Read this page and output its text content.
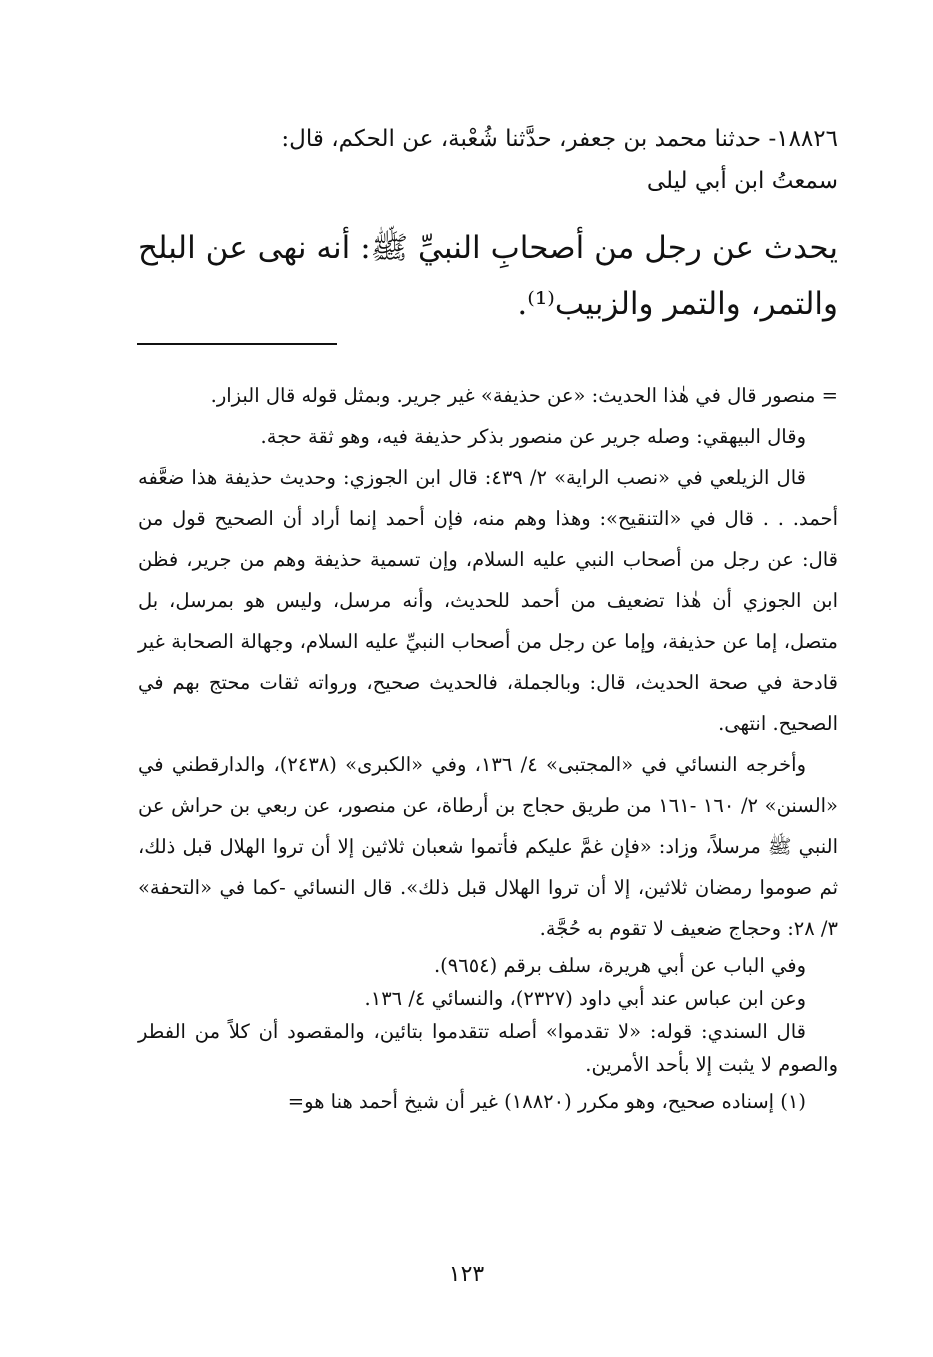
١٨٨٢٦- حدثنا محمد بن جعفر، حدَّثنا شُعْبة، عن الحكم، قال:
سمعتُ ابن أبي ليلى
يحدث عن رجل من أصحابِ النبيِّ ﷺ: أنه نهى عن البلح والتمر، والتمر والزبيب⁽¹⁾.

= منصور قال في هٰذا الحديث: «عن حذيفة» غير جرير. وبمثل قوله قال البزار.

وقال البيهقي: وصله جرير عن منصور بذكر حذيفة فيه، وهو ثقة حجة.

قال الزيلعي في «نصب الراية» ٢/ ٤٣٩: قال ابن الجوزي: وحديث حذيفة هذا ضعَّفه أحمد. . . قال في «التنقيح»: وهذا وهم منه، فإن أحمد إنما أراد أن الصحيح قول من قال: عن رجل من أصحاب النبي عليه السلام، وإن تسمية حذيفة وهم من جرير، فظن ابن الجوزي أن هٰذا تضعيف من أحمد للحديث، وأنه مرسل، وليس هو بمرسل، بل متصل، إما عن حذيفة، وإما عن رجل من أصحاب النبيِّ عليه السلام، وجهالة الصحابة غير قادحة في صحة الحديث، قال: وبالجملة، فالحديث صحيح، ورواته ثقات محتج بهم في الصحيح. انتهى.

وأخرجه النسائي في «المجتبى» ٤/ ١٣٦، وفي «الكبرى» (٢٤٣٨)، والدارقطني في «السنن» ٢/ ١٦٠ -١٦١ من طريق حجاج بن أرطاة، عن منصور، عن ربعي بن حراش عن النبي ﷺ مرسلاً، وزاد: «فإن غمَّ عليكم فأتموا شعبان ثلاثين إلا أن تروا الهلال قبل ذلك، ثم صوموا رمضان ثلاثين، إلا أن تروا الهلال قبل ذلك». قال النسائي -كما في «التحفة» ٣/ ٢٨: وحجاج ضعيف لا تقوم به حُجَّة.

وفي الباب عن أبي هريرة، سلف برقم (٩٦٥٤).

وعن ابن عباس عند أبي داود (٢٣٢٧)، والنسائي ٤/ ١٣٦.

قال السندي: قوله: «لا تقدموا» أصله تتقدموا بتائين، والمقصود أن كلاً من الفطر والصوم لا يثبت إلا بأحد الأمرين.

(١) إسناده صحيح، وهو مكرر (١٨٨٢٠) غير أن شيخ أحمد هنا هو=

١٢٣
